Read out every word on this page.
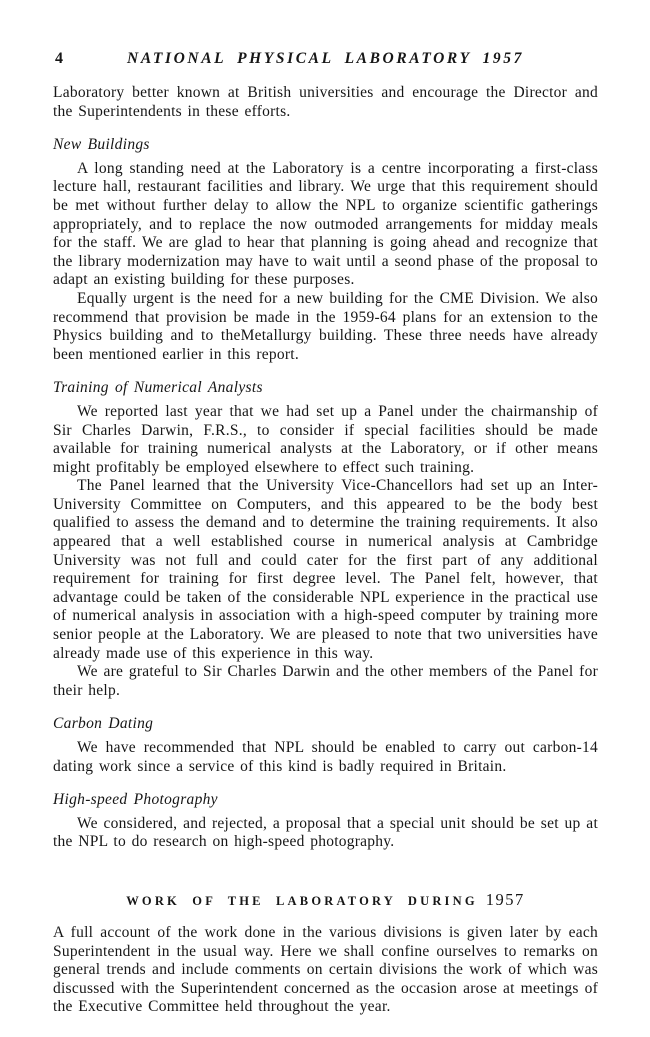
4	NATIONAL PHYSICAL LABORATORY 1957

Laboratory better known at British universities and encourage the Director and the Superintendents in these efforts.

New Buildings

A long standing need at the Laboratory is a centre incorporating a first-class lecture hall, restaurant facilities and library. We urge that this requirement should be met without further delay to allow the NPL to organize scientific gatherings appropriately, and to replace the now outmoded arrangements for midday meals for the staff. We are glad to hear that planning is going ahead and recognize that the library modernization may have to wait until a seond phase of the proposal to adapt an existing building for these purposes.

Equally urgent is the need for a new building for the CME Division. We also recommend that provision be made in the 1959-64 plans for an extension to the Physics building and to theMetallurgy building. These three needs have already been mentioned earlier in this report.

Training of Numerical Analysts

We reported last year that we had set up a Panel under the chairmanship of Sir Charles Darwin, F.R.S., to consider if special facilities should be made available for training numerical analysts at the Laboratory, or if other means might profitably be employed elsewhere to effect such training.

The Panel learned that the University Vice-Chancellors had set up an Inter-University Committee on Computers, and this appeared to be the body best qualified to assess the demand and to determine the training requirements. It also appeared that a well established course in numerical analysis at Cambridge University was not full and could cater for the first part of any additional requirement for training for first degree level. The Panel felt, however, that advantage could be taken of the considerable NPL experience in the practical use of numerical analysis in association with a high-speed computer by training more senior people at the Laboratory. We are pleased to note that two universities have already made use of this experience in this way.

We are grateful to Sir Charles Darwin and the other members of the Panel for their help.

Carbon Dating

We have recommended that NPL should be enabled to carry out carbon-14 dating work since a service of this kind is badly required in Britain.

High-speed Photography

We considered, and rejected, a proposal that a special unit should be set up at the NPL to do research on high-speed photography.

WORK OF THE LABORATORY DURING 1957

A full account of the work done in the various divisions is given later by each Superintendent in the usual way. Here we shall confine ourselves to remarks on general trends and include comments on certain divisions the work of which was discussed with the Superintendent concerned as the occasion arose at meetings of the Executive Committee held throughout the year.
